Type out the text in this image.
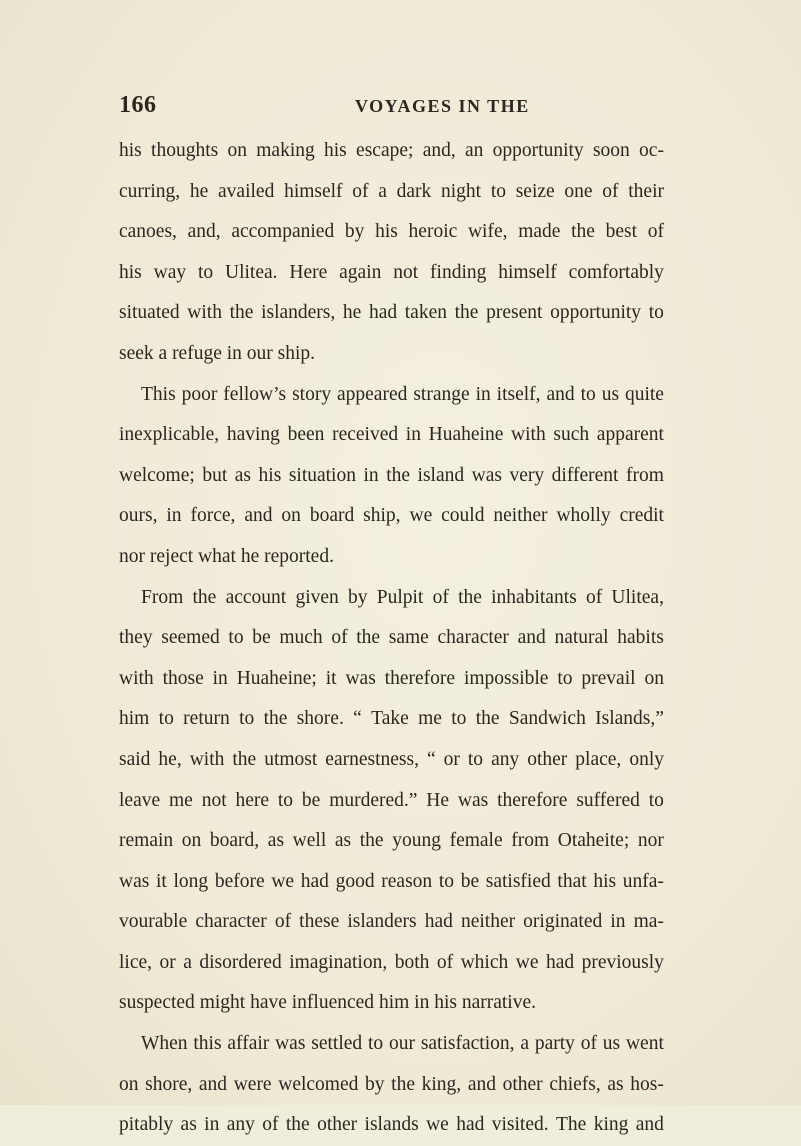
166	VOYAGES IN THE
his thoughts on making his escape; and, an opportunity soon oc-
curring, he availed himself of a dark night to seize one of their
canoes, and, accompanied by his heroic wife, made the best of
his way to Ulitea. Here again not finding himself comfortably
situated with the islanders, he had taken the present opportunity to
seek
a
refuge
in
our
ship.
This poor fellow’s story appeared strange in itself, and to us quite
inexplicable, having been received in Huaheine with such apparent
welcome; but as his situation in the island was very different from
ours, in force, and on board ship, we could neither wholly credit
nor
reject
what
he
reported.
From the account given by Pulpit of the inhabitants of Ulitea,
they seemed to be much of the same character and natural habits
with those in Huaheine; it was therefore impossible to prevail on
him to return to the shore. “ Take me to the Sandwich Islands,”
said he, with the utmost earnestness, “ or to any other place, only
leave me not here to be murdered.” He was therefore suffered to
remain on board, as well as the young female from Otaheite; nor
was it long before we had good reason to be satisfied that his unfa-
vourable character of these islanders had neither originated in ma-
lice, or a disordered imagination, both of which we had previously
suspected
might
have
influenced
him
in
his
narrative.
When this affair was settled to our satisfaction, a party of us went
on shore, and were welcomed by the king, and other chiefs, as hos-
pitably as in any of the other islands we had visited. The king and
